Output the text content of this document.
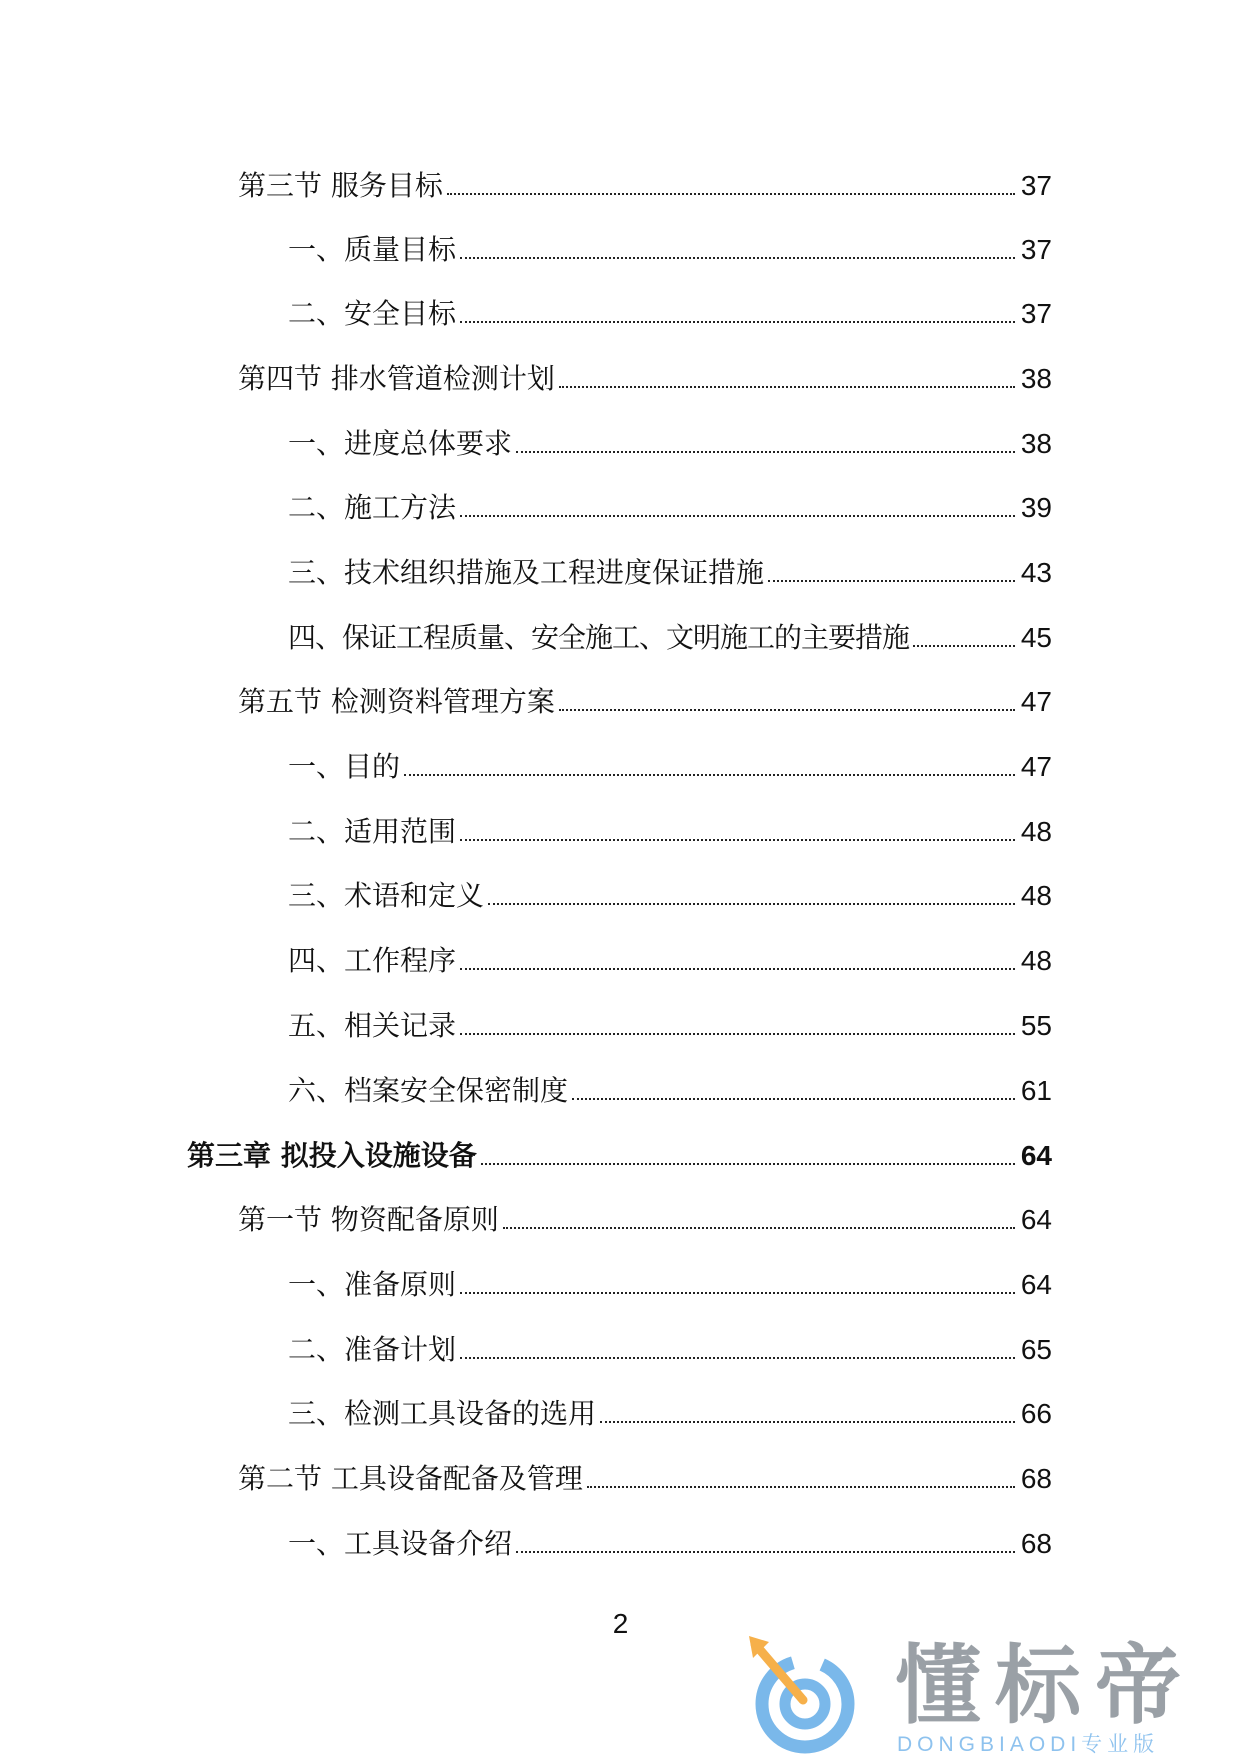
第三节 服务目标	37
一、质量目标	37
二、安全目标	37
第四节 排水管道检测计划	38
一、进度总体要求	38
二、施工方法	39
三、技术组织措施及工程进度保证措施	43
四、保证工程质量、安全施工、文明施工的主要措施	45
第五节 检测资料管理方案	47
一、目的	47
二、适用范围	48
三、术语和定义	48
四、工作程序	48
五、相关记录	55
六、档案安全保密制度	61
第三章 拟投入设施设备	64
第一节 物资配备原则	64
一、准备原则	64
二、准备计划	65
三、检测工具设备的选用	66
第二节 工具设备配备及管理	68
一、工具设备介绍	68
2
懂标帝
DONGBIAODI专业版
